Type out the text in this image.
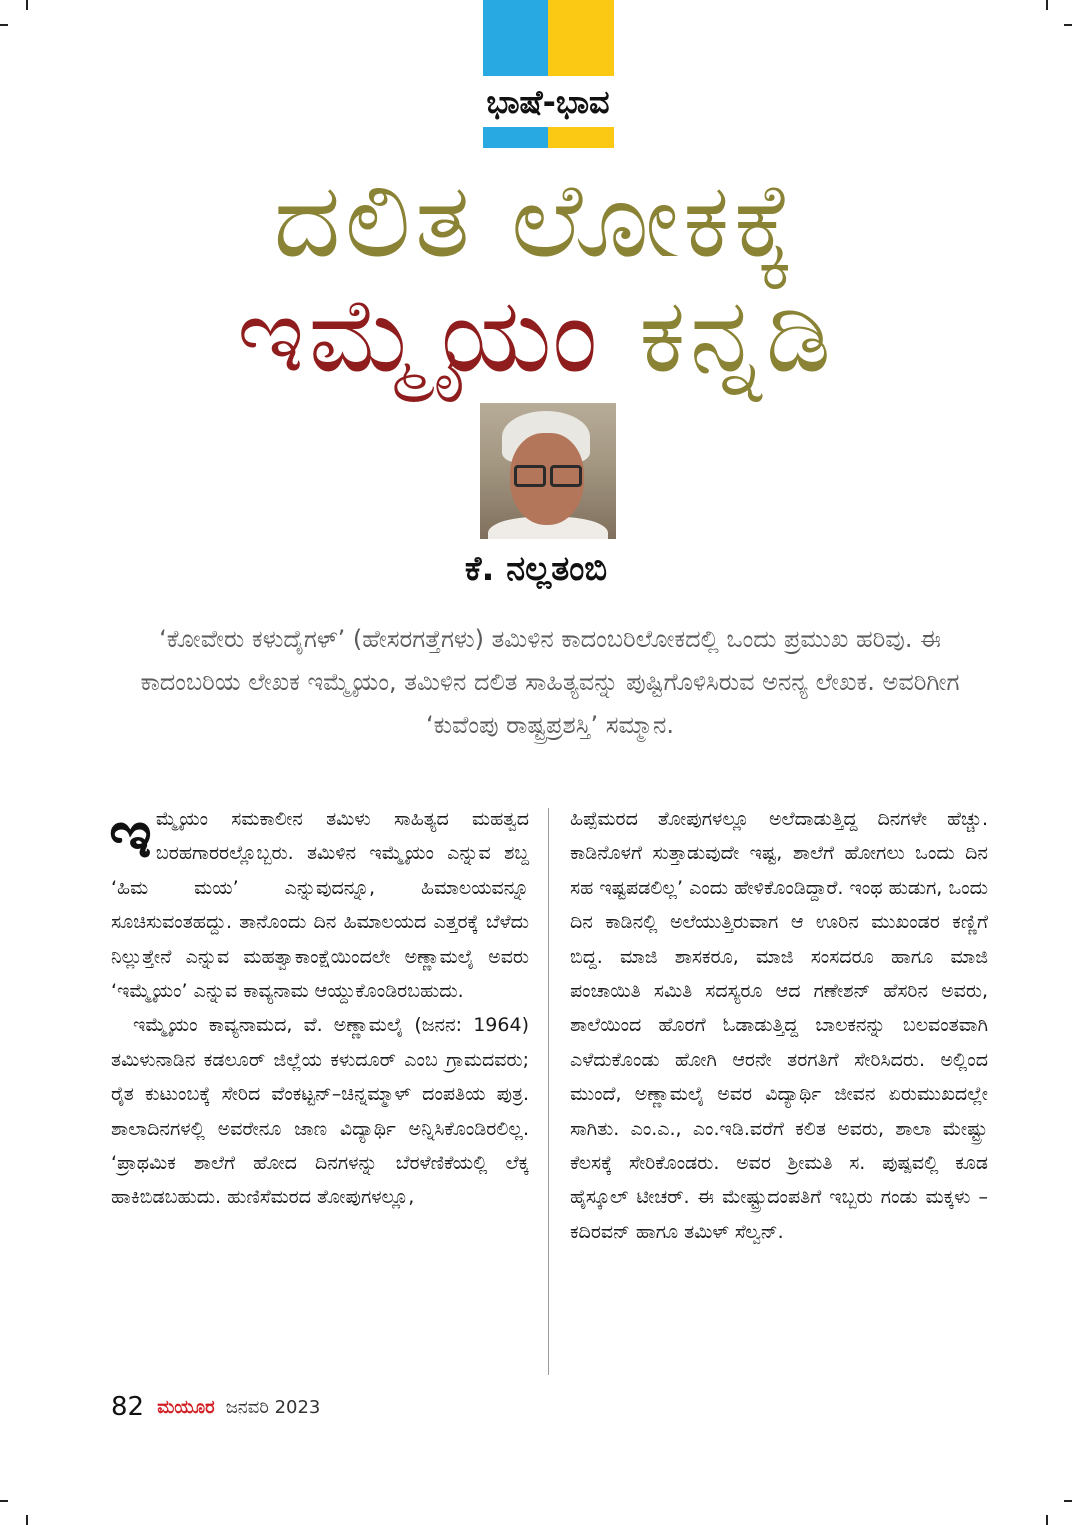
ಭಾಷೆ-ಭಾವ
ದಲಿತ ಲೋಕಕ್ಕೆ
ಇಮ್ಮೈಯಂ ಕನ್ನಡಿ
ಕೆ. ನಲ್ಲತಂಬಿ

‘ಕೋವೇರು ಕಳುದೈಗಳ್’ (ಹೇಸರಗತ್ತೆಗಳು) ತಮಿಳಿನ ಕಾದಂಬರಿಲೋಕದಲ್ಲಿ ಒಂದು ಪ್ರಮುಖ ಹರಿವು. ಈ ಕಾದಂಬರಿಯ ಲೇಖಕ ಇಮ್ಮೈಯಂ, ತಮಿಳಿನ ದಲಿತ ಸಾಹಿತ್ಯವನ್ನು ಪುಷ್ಟಿಗೊಳಿಸಿರುವ ಅನನ್ಯ ಲೇಖಕ. ಅವರಿಗೀಗ ‘ಕುವೆಂಪು ರಾಷ್ಟ್ರಪ್ರಶಸ್ತಿ’ ಸಮ್ಮಾನ.

ಇಮ್ಮೈಯಂ ಸಮಕಾಲೀನ ತಮಿಳು ಸಾಹಿತ್ಯದ ಮಹತ್ವದ ಬರಹಗಾರರಲ್ಲೊಬ್ಬರು. ತಮಿಳಿನ ಇಮ್ಮೈಯಂ ಎನ್ನುವ ಶಬ್ದ ‘ಹಿಮ ಮಯ’ ಎನ್ನುವುದನ್ನೂ, ಹಿಮಾಲಯವನ್ನೂ ಸೂಚಿಸುವಂತಹದ್ದು. ತಾನೊಂದು ದಿನ ಹಿಮಾಲಯದ ಎತ್ತರಕ್ಕೆ ಬೆಳೆದು ನಿಲ್ಲುತ್ತೇನೆ ಎನ್ನುವ ಮಹತ್ವಾಕಾಂಕ್ಷೆಯಿಂದಲೇ ಅಣ್ಣಾಮಲೈ ಅವರು ‘ಇಮ್ಮೈಯಂ’ ಎನ್ನುವ ಕಾವ್ಯನಾಮ ಆಯ್ದುಕೊಂಡಿರಬಹುದು.

ಇಮ್ಮೈಯಂ ಕಾವ್ಯನಾಮದ, ವೆ. ಅಣ್ಣಾಮಲೈ (ಜನನ: 1964) ತಮಿಳುನಾಡಿನ ಕಡಲೂರ್ ಜಿಲ್ಲೆಯ ಕಳುದೂರ್ ಎಂಬ ಗ್ರಾಮದವರು; ರೈತ ಕುಟುಂಬಕ್ಕೆ ಸೇರಿದ ವೆಂಕಟ್ಟನ್–ಚಿನ್ನಮ್ಮಾಳ್ ದಂಪತಿಯ ಪುತ್ರ. ಶಾಲಾದಿನಗಳಲ್ಲಿ ಅವರೇನೂ ಜಾಣ ವಿದ್ಯಾರ್ಥಿ ಅನ್ನಿಸಿಕೊಂಡಿರಲಿಲ್ಲ. ‘ಪ್ರಾಥಮಿಕ ಶಾಲೆಗೆ ಹೋದ ದಿನಗಳನ್ನು ಬೆರಳೆಣಿಕೆಯಲ್ಲಿ ಲೆಕ್ಕ ಹಾಕಿಬಿಡಬಹುದು. ಹುಣಿಸೆಮರದ ತೋಪುಗಳಲ್ಲೂ,

ಹಿಪ್ಪೆಮರದ ತೋಪುಗಳಲ್ಲೂ ಅಲೆದಾಡುತ್ತಿದ್ದ ದಿನಗಳೇ ಹೆಚ್ಚು. ಕಾಡಿನೊಳಗೆ ಸುತ್ತಾಡುವುದೇ ಇಷ್ಟ, ಶಾಲೆಗೆ ಹೋಗಲು ಒಂದು ದಿನ ಸಹ ಇಷ್ಟಪಡಲಿಲ್ಲ’ ಎಂದು ಹೇಳಿಕೊಂಡಿದ್ದಾರೆ. ಇಂಥ ಹುಡುಗ, ಒಂದು ದಿನ ಕಾಡಿನಲ್ಲಿ ಅಲೆಯುತ್ತಿರುವಾಗ ಆ ಊರಿನ ಮುಖಂಡರ ಕಣ್ಣಿಗೆ ಬಿದ್ದ. ಮಾಜಿ ಶಾಸಕರೂ, ಮಾಜಿ ಸಂಸದರೂ ಹಾಗೂ ಮಾಜಿ ಪಂಚಾಯಿತಿ ಸಮಿತಿ ಸದಸ್ಯರೂ ಆದ ಗಣೇಶನ್ ಹೆಸರಿನ ಅವರು, ಶಾಲೆಯಿಂದ ಹೊರಗೆ ಓಡಾಡುತ್ತಿದ್ದ ಬಾಲಕನನ್ನು ಬಲವಂತವಾಗಿ ಎಳೆದುಕೊಂಡು ಹೋಗಿ ಆರನೇ ತರಗತಿಗೆ ಸೇರಿಸಿದರು. ಅಲ್ಲಿಂದ ಮುಂದೆ, ಅಣ್ಣಾಮಲೈ ಅವರ ವಿದ್ಯಾರ್ಥಿ ಜೀವನ ಏರುಮುಖದಲ್ಲೇ ಸಾಗಿತು. ಎಂ.ಎ., ಎಂ.ಇಡಿ.ವರೆಗೆ ಕಲಿತ ಅವರು, ಶಾಲಾ ಮೇಷ್ಟ್ರು ಕೆಲಸಕ್ಕೆ ಸೇರಿಕೊಂಡರು. ಅವರ ಶ್ರೀಮತಿ ಸ. ಪುಷ್ಪವಲ್ಲಿ ಕೂಡ ಹೈಸ್ಕೂಲ್ ಟೀಚರ್. ಈ ಮೇಷ್ಟ್ರುದಂಪತಿಗೆ ಇಬ್ಬರು ಗಂಡು ಮಕ್ಕಳು – ಕದಿರವನ್ ಹಾಗೂ ತಮಿಳ್ ಸೆಲ್ವನ್.

82 ಮಯೂರ ಜನವರಿ 2023
